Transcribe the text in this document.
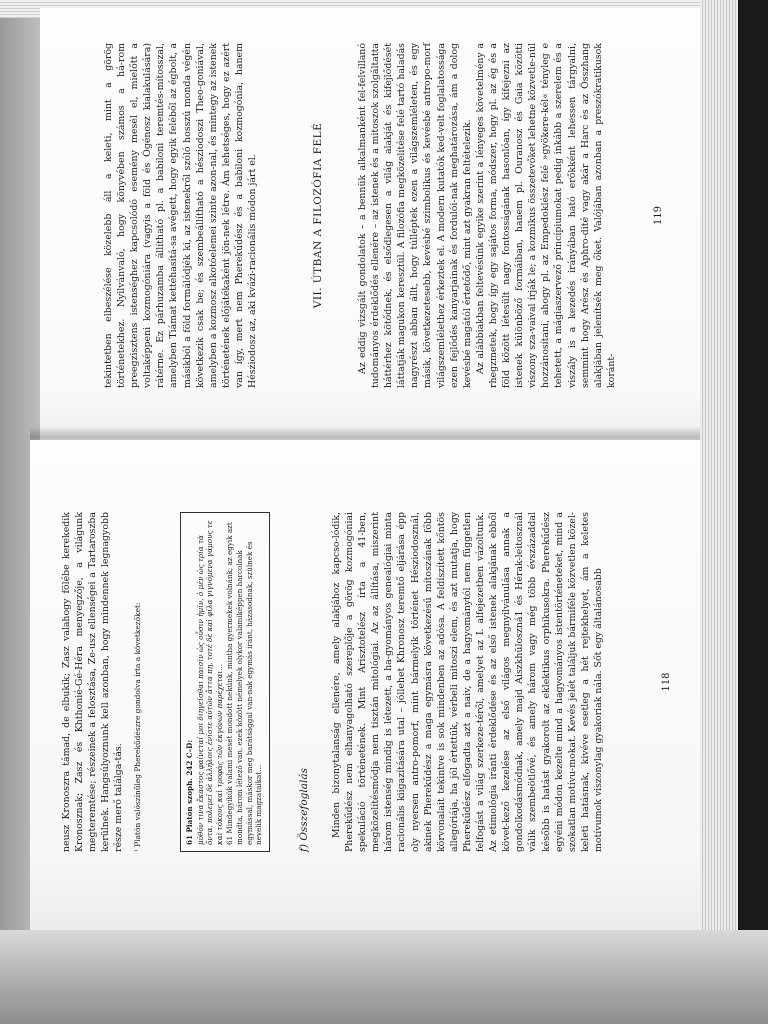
tekintetben elbeszélése közelebb áll a keleti, mint a görög történetekhez. Nyilvánvaló, hogy könyvében számos a há-rom preegzisztens istenséghez kapcsolódó esemény mesél el, mielőtt a voltaképpeni kozmogóniára (vagyis a föld és Ógénosz kialakulására) rátérne. Ez párhuzamba állítható pl. a babiloni teremtés-mítosszal, amelyben Tiámat kettéhasítá-sa avégett, hogy egyik feléből az égbolt, a másikból a föld formálódjék ki, az istenekről szóló hosszú monda végén következik csak be; és szembeállítható a hésziodoszi Theo-goniával, amelyben a kozmosz alkotóelemei szinte azon-nal, és mintegy az istenek történetének előjátékaként jön-nek létre. Ám lehetséges, hogy ez azért van így, mert nem Pherekűdész és a babiloni kozmogónia, hanem Hésziodosz az, aki kvázi-racionális módon járt el.	VII. ÚTBAN A FILOZÓFIA FELÉ	Az eddig vizsgált gondolatok – a bennük alkalmanként fel-felvillanó tudományos érdeklődés ellenére – az istenek és a mitoszok szolgáltatta háttérhez kötődnek, és elsődlegesen a világ alakját és kifejlődését láttatják magukon keresztül. A filozófia megközelítése felé tartó haladás nagyrészt abban állt, hogy túlléptek ezen a világszemléleten, és egy másik, következetesebb, kevésbé szimbolikus és kevésbé antropo-morf világszemlélethez érkeztek el. A modern kutatók ked-velt foglalatossága ezen fejlődés kanyarjainak és fordulói-nak meghatározása, ám a dolog kevésbé magától értetődő, mint azt gyakran feltételezik. Az alábbiakban feltevésünk egyike szerint a lényeges követelmény a rhegzmetek, hogy így egy sajátos forma, módszer, hogy pl. az ég és a föld között létesült nagy fontosságának hasonlóan, így kifejezni az istenek különböző formáiban, hanem pl. Ouranosz és Gaia közötti viszony sza-vaival írják le; a kozmikus összetevőket lehetne közvetle-nül hozzánosítani, ahogy pl. az Empedoklész felé »gyökere-kél« tényleg e tehetett, a mágiaszervező princípiumokat pedig inkább a szerelem és a viszály is a kezedés irányában ható erőkként lehessen tárgyalni, semmint hogy Arész és Aphro-dité vagy akár a Harc és az Összhang alakjában jelenítsék meg őket. Valójában azonban a preszókratikusok koránt-

119

neusz Kronoszra támad, de elbukik; Zasz valahogy fölébe kerekedik Kronosznak; Zasz és Khthonié-Gé-Héra menyegzője, a világunk megteremtése; részeinek a felosztása, Ze-usz ellenségei a Tartaroszba kerülnek. Hangsúlyoznunk kell azonban, hogy mindennek legnagyobb része merő találga-tás. ¹ Platón valószínűleg Pherekűdészre gondolva írta a következőket:	61 Platón szoph. 242 C–D: μῦθόν τινα ἕκαστος φαίνεταί μοι διηγεῖσθαι παισὶν ὡς οὖσιν ἡμῖν, ὁ μὲν ὡς τρία τὰ ὄντα, πολεμεῖ δὲ ἀλλήλοις ἐνίοτε αὐτῶν ἄττα πῃ, τοτὲ δὲ καὶ φίλα γιγνόμενα γάμους τε καὶ τόκους καὶ τροφὰς τῶν ἐκγόνων παρέχεται... 61 Mindegyikük valami mesét mondott nekünk, mintha gyermekek volnánk; az egyik azt mondta, három létező van, ezek között némelyek olykor valamiképpen harcolnak egymással, máskor meg barátsággal van-nak egymás iránt, házasodnak, szülnek és nevelik magzataikat...	f) Összefoglalás Minden bizonytalanság ellenére, amely alakjához kapcso-lódik, Pherekűdész nem elhanyagolható szereplője a görög kozmogóniai spekuláció történetének. Mint Arisztotelész írta a 41-ben, megközelítésmódja nem tisztán mitológiai. Az az állítása, miszerint három istenség mindig is létezett, a ha-gyományos genealógiai minta racionális kiigazítására utal – jóllehet Khronosz teremtő eljárása épp oly nyersen antro-pomorf, mint bármelyik történet Hésziodosznál, akinek Pherekűdész a maga egymásra következésű mítoszának főbb körvonalait tekintve is sok mindenben az adósa. A feldíszített kőntös allegóriája, ha jól értettük, vérbeli mitoszi elem, és azt mutatja, hogy Pherekűdész elfogadta azt a naiv, de a hagyománytól nem független felfogást a világ szerkeze-téről, amelyet az I. alfejezetben vázoltunk. Az etimológia iránti érdeklődése és az első istenek alakjának ebből követ-kező kezelése az első világos megnyilvánulása annak a gondolkodásmódnak, amely majd Aiszkhüloszná1 és Hérak-leitosznál válik szembeötlővé, és amely három vagy még több évszázaddal később is hatást gyakorolt az eklektikus orphikusokra. Pherekűdész egyéni módon kezelte mind a hagyományos istentörténeteket, mind a szokatlan motívu-mokat. Kevés jelét találjuk bármiféle közvetlen közel-keleti hatásnak, kivéve esetleg a hét rejtekhelyet, ám a keletes motívumok viszonylag gyakoriak nála. Sőt egy általánosabb	118
